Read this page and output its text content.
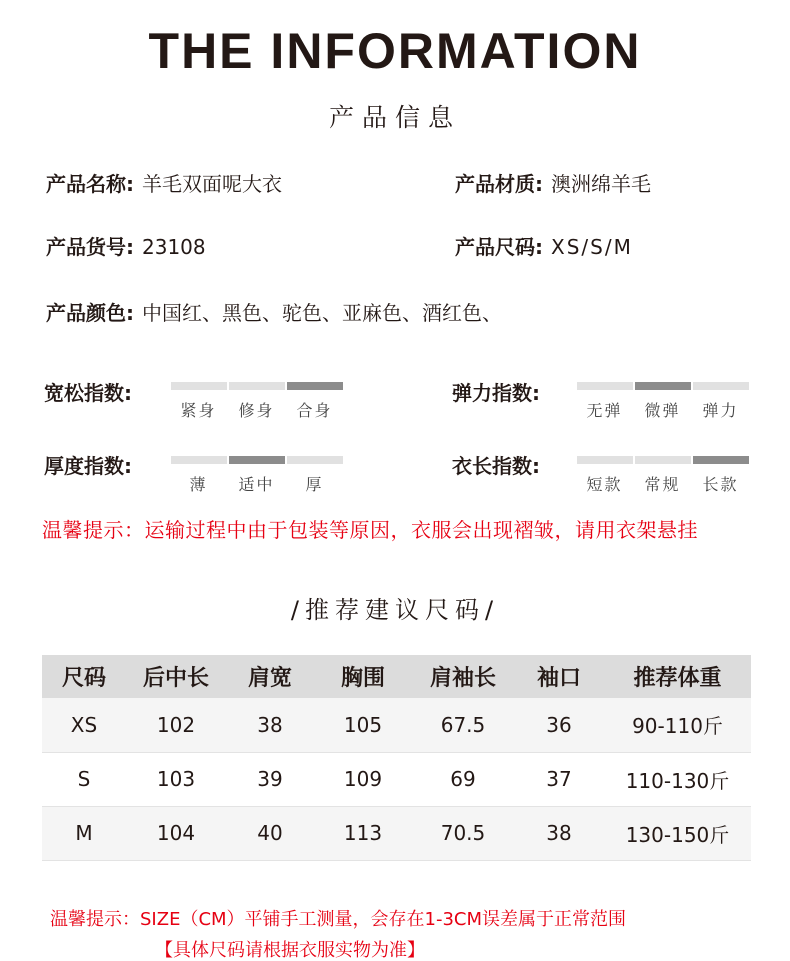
THE INFORMATION
产品信息
产品名称: 羊毛双面呢大衣	产品材质: 澳洲绵羊毛
产品货号: 23108	产品尺码: XS/S/M
产品颜色: 中国红、黑色、驼色、亚麻色、酒红色、
宽松指数:
紧身 修身 合身
弹力指数:
无弹 微弹 弹力
厚度指数:
薄 适中 厚
衣长指数:
短款 常规 长款
温馨提示：运输过程中由于包装等原因，衣服会出现褶皱，请用衣架悬挂
/推荐建议尺码/
尺码	后中长	肩宽	胸围	肩袖长	袖口	推荐体重
XS	102	38	105	67.5	36	90-110斤
S	103	39	109	69	37	110-130斤
M	104	40	113	70.5	38	130-150斤
温馨提示：SIZE（CM）平铺手工测量，会存在1-3CM误差属于正常范围
【具体尺码请根据衣服实物为准】
